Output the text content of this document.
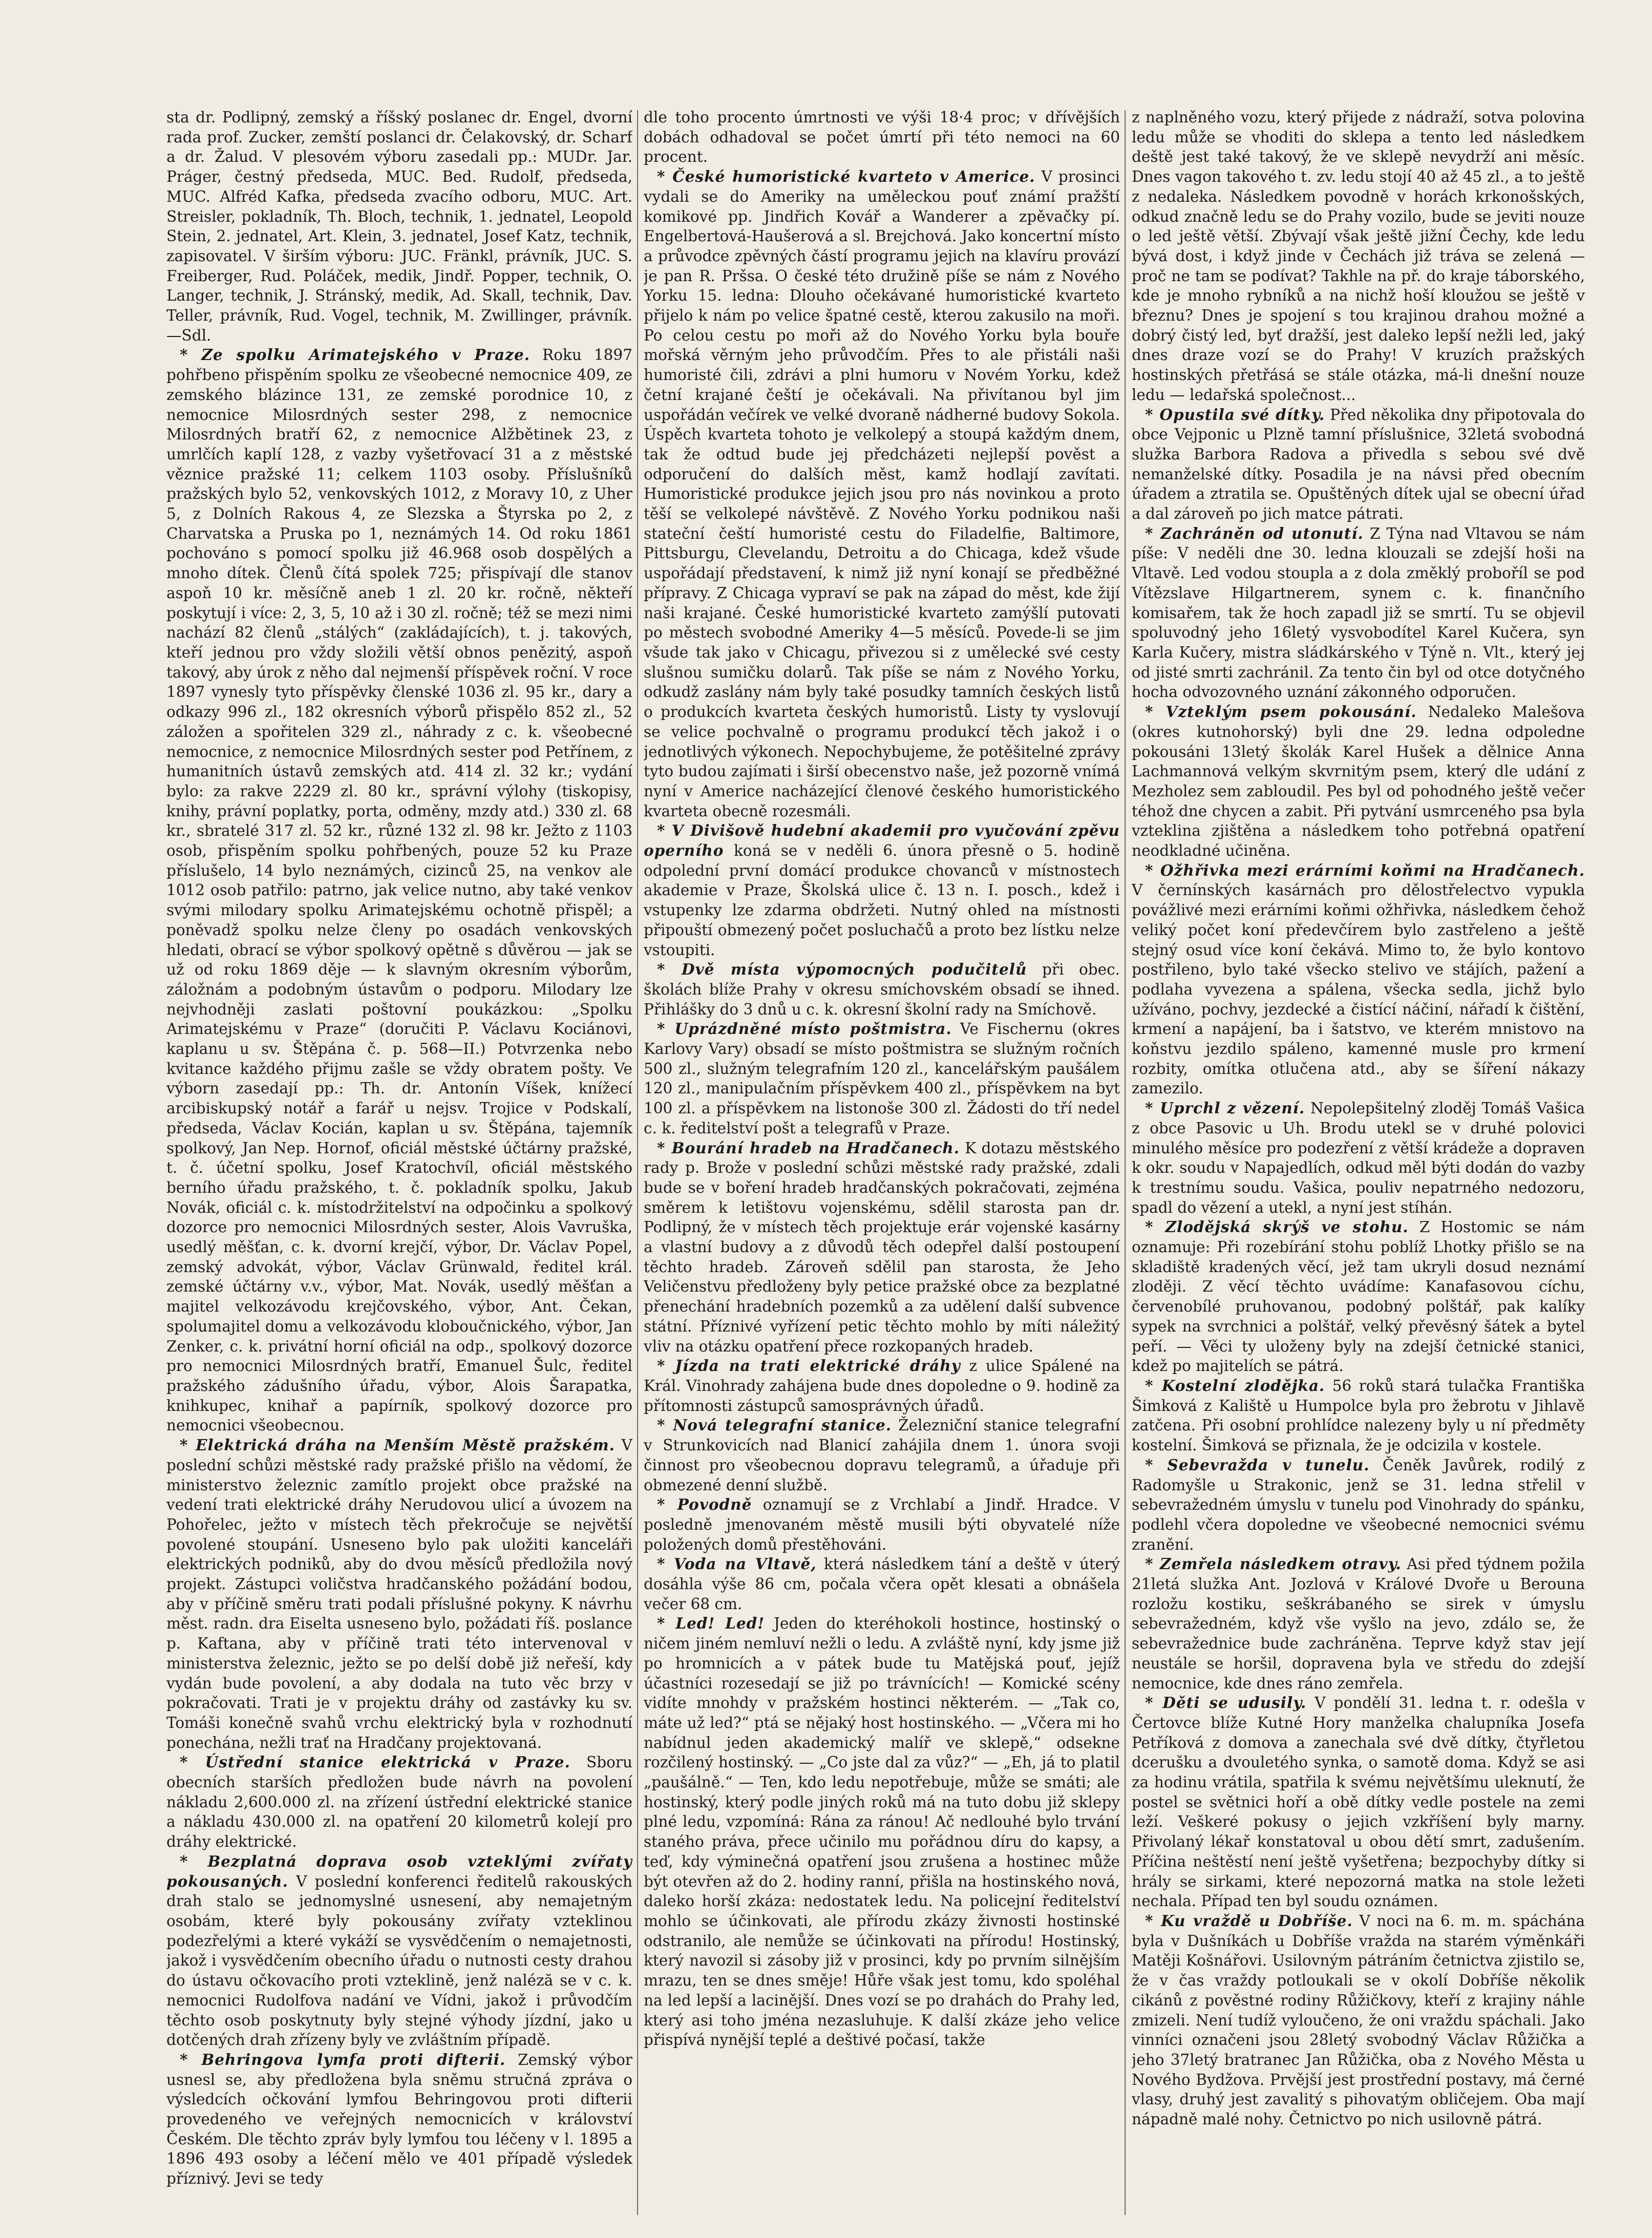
sta dr. Podlipný, zemský a říšský poslanec dr. Engel, dvorní rada prof. Zucker, zemští poslanci dr. Čelakovský, dr. Scharf a dr. Žalud. V plesovém výboru zasedali pp.: MUDr. Jar. Práger, čestný předseda, MUC. Bed. Rudolf, předseda, MUC. Alfréd Kafka, předseda zvacího odboru, MUC. Art. Streisler, pokladník, Th. Bloch, technik, 1. jednatel, Leopold Stein, 2. jednatel, Art. Klein, 3. jednatel, Josef Katz, technik, zapisovatel. V širším výboru: JUC. Fränkl, právník, JUC. S. Freiberger, Rud. Poláček, medik, Jindř. Popper, technik, O. Langer, technik, J. Stránský, medik, Ad. Skall, technik, Dav. Teller, právník, Rud. Vogel, technik, M. Zwillinger, právník. —Sdl.

* Ze spolku Arimatejského v Praze. Roku 1897 pohřbeno přispěním spolku ze všeobecné nemocnice 409, ze zemského blázince 131, ze zemské porodnice 10, z nemocnice Milosrdných sester 298, z nemocnice Milosrdných bratří 62, z nemocnice Alžbětinek 23, z umrlčích kaplí 128, z vazby vyšetřovací 31 a z městské věznice pražské 11; celkem 1103 osoby. Příslušníků pražských bylo 52, venkovských 1012, z Moravy 10, z Uher 5, z Dolních Rakous 4, ze Slezska a Štyrska po 2, z Charvatska a Pruska po 1, neznámých 14. Od roku 1861 pochováno s pomocí spolku již 46.968 osob dospělých a mnoho dítek. Členů čítá spolek 725; přispívají dle stanov aspoň 10 kr. měsíčně aneb 1 zl. 20 kr. ročně, někteří poskytují i více: 2, 3, 5, 10 až i 30 zl. ročně; též se mezi nimi nachází 82 členů „stálých“ (zakládajících), t. j. takových, kteří jednou pro vždy složili větší obnos penězitý, aspoň takový, aby úrok z něho dal nejmenší příspěvek roční. V roce 1897 vynesly tyto příspěvky členské 1036 zl. 95 kr., dary a odkazy 996 zl., 182 okresních výborů přispělo 852 zl., 52 záložen a spořitelen 329 zl., náhrady z c. k. všeobecné nemocnice, z nemocnice Milosrdných sester pod Petřínem, z humanitních ústavů zemských atd. 414 zl. 32 kr.; vydání bylo: za rakve 2229 zl. 80 kr., správní výlohy (tiskopisy, knihy, právní poplatky, porta, odměny, mzdy atd.) 330 zl. 68 kr., sbratelé 317 zl. 52 kr., různé 132 zl. 98 kr. Ježto z 1103 osob, přispěním spolku pohřbených, pouze 52 ku Praze příslušelo, 14 bylo neznámých, cizinců 25, na venkov ale 1012 osob patřilo: patrno, jak velice nutno, aby také venkov svými milodary spolku Arimatejskému ochotně přispěl; a poněvadž spolku nelze členy po osadách venkovských hledati, obrací se výbor spolkový opětně s důvěrou — jak se už od roku 1869 děje — k slavným okresním výborům, záložnám a podobným ústavům o podporu. Milodary lze nejvhodněji zaslati poštovní poukázkou: „Spolku Arimatejskému v Praze“ (doručiti P. Václavu Kociánovi, kaplanu u sv. Štěpána č. p. 568—II.) Potvrzenka nebo kvitance každého přijmu zašle se vždy obratem pošty. Ve výborn zasedají pp.: Th. dr. Antonín Víšek, knížecí arcibiskupský notář a farář u nejsv. Trojice v Podskalí, předseda, Václav Kocián, kaplan u sv. Štěpána, tajemník spolkový, Jan Nep. Hornof, oficiál městské účtárny pražské, t. č. účetní spolku, Josef Kratochvíl, oficiál městského berního úřadu pražského, t. č. pokladník spolku, Jakub Novák, oficiál c. k. místodržitelství na odpočinku a spolkový dozorce pro nemocnici Milosrdných sester, Alois Vavruška, usedlý měšťan, c. k. dvorní krejčí, výbor, Dr. Václav Popel, zemský advokát, výbor, Václav Grünwald, ředitel král. zemské účtárny v.v., výbor, Mat. Novák, usedlý měšťan a majitel velkozávodu krejčovského, výbor, Ant. Čekan, spolumajitel domu a velkozávodu kloboučnického, výbor, Jan Zenker, c. k. privátní horní oficiál na odp., spolkový dozorce pro nemocnici Milosrdných bratří, Emanuel Šulc, ředitel pražského zádušního úřadu, výbor, Alois Šarapatka, knihkupec, knihař a papírník, spolkový dozorce pro nemocnici všeobecnou.

* Elektrická dráha na Menším Městě pražském. V poslední schůzi městské rady pražské přišlo na vědomí, že ministerstvo železnic zamítlo projekt obce pražské na vedení trati elektrické dráhy Nerudovou ulicí a úvozem na Pohořelec, ježto v místech těch překročuje se největší povolené stoupání. Usneseno bylo pak uložiti kanceláři elektrických podniků, aby do dvou měsíců předložila nový projekt. Zástupci voličstva hradčanského požádání bodou, aby v příčině směru trati podali příslušné pokyny. K návrhu měst. radn. dra Eiselta usneseno bylo, požádati říš. poslance p. Kaftana, aby v příčině trati této intervenoval v ministerstva železnic, ježto se po delší době již neřeší, kdy vydán bude povolení, a aby dodala na tuto věc brzy v pokračovati. Trati je v projektu dráhy od zastávky ku sv. Tomáši konečně svahů vrchu elektrický byla v rozhodnutí ponechána, nežli trať na Hradčany projektovaná.

* Ústřední stanice elektrická v Praze. Sboru obecních starších předložen bude návrh na povolení nákladu 2,600.000 zl. na zřízení ústřední elektrické stanice a nákladu 430.000 zl. na opatření 20 kilometrů kolejí pro dráhy elektrické.

* Bezplatná doprava osob vzteklými zvířaty pokousaných. V poslední konferenci ředitelů rakouských drah stalo se jednomyslné usnesení, aby nemajetným osobám, které byly pokousány zvířaty vzteklinou podezřelými a které vykáží se vysvědčením o nemajetnosti, jakož i vysvědčením obecního úřadu o nutnosti cesty drahou do ústavu očkovacího proti vzteklině, jenž naléză se v c. k. nemocnici Rudolfova nadání ve Vídni, jakož i průvodčím těchto osob poskytnuty byly stejné výhody jízdní, jako u dotčených drah zřízeny byly ve zvláštním případě.

* Behringova lymfa proti difterii. Zemský výbor usnesl se, aby předložena byla sněmu stručná zpráva o výsledcích očkování lymfou Behringovou proti difterii provedeného ve veřejných nemocnicích v království Českém. Dle těchto zpráv byly lymfou tou léčeny v l. 1895 a 1896 493 osoby a léčení mělo ve 401 případě výsledek příznivý. Jevi se tedy

dle toho procento úmrtnosti ve výši 18·4 proc; v dřívějších dobách odhadoval se počet úmrtí při této nemoci na 60 procent.

* České humoristické kvarteto v Americe. V prosinci vydali se do Ameriky na uměleckou pouť známí pražští komikové pp. Jindřich Kovář a Wanderer a zpěvačky pí. Engelbertová-Haušerová a sl. Brejchová. Jako koncertní místo a průvodce zpěvných částí programu jejich na klavíru provází je pan R. Pršsa. O české této družině píše se nám z Nového Yorku 15. ledna: Dlouho očekávané humoristické kvarteto přijelo k nám po velice špatné cestě, kterou zakusilo na moři. Po celou cestu po moři až do Nového Yorku byla bouře mořská věrným jeho průvodčím. Přes to ale přistáli naši humoristé čili, zdrávi a plni humoru v Novém Yorku, kdež četní krajané čeští je očekávali. Na přivítanou byl jim uspořádán večírek ve velké dvoraně nádherné budovy Sokola. Úspěch kvarteta tohoto je velkolepý a stoupá každým dnem, tak že odtud bude jej předcházeti nejlepší pověst a odporučení do dalších měst, kamž hodlají zavítati. Humoristické produkce jejich jsou pro nás novinkou a proto těší se velkolepé návštěvě. Z Nového Yorku podnikou naši stateční čeští humoristé cestu do Filadelfie, Baltimore, Pittsburgu, Clevelandu, Detroitu a do Chicaga, kdež všude uspořádají představení, k nimž již nyní konají se předběžné přípravy. Z Chicaga vypraví se pak na západ do měst, kde žijí naši krajané. České humoristické kvarteto zamýšlí putovati po městech svobodné Ameriky 4—5 měsíců. Povede-li se jim všude tak jako v Chicagu, přivezou si z umělecké své cesty slušnou sumičku dolarů. Tak píše se nám z Nového Yorku, odkudž zaslány nám byly také posudky tamních českých listů o produkcích kvarteta českých humoristů. Listy ty vyslovují se velice pochvalně o programu produkcí těch jakož i o jednotlivých výkonech. Nepochybujeme, že potěšitelné zprávy tyto budou zajímati i širší obecenstvo naše, jež pozorně vnímá nyní v Americe nacházející členové českého humoristického kvarteta obecně rozesmáli.

* V Divišově hudební akademii pro vyučování zpěvu operního koná se v neděli 6. února přesně o 5. hodině odpolední první domácí produkce chovanců v místnostech akademie v Praze, Školská ulice č. 13 n. I. posch., kdež i vstupenky lze zdarma obdržeti. Nutný ohled na místnosti připouští obmezený počet posluchačů a proto bez lístku nelze vstoupiti.

* Dvě místa výpomocných podučitelů při obec. školách blíže Prahy v okresu smíchovském obsadí se ihned. Přihlášky do 3 dnů u c. k. okresní školní rady na Smíchově.

* Uprázdněné místo poštmistra. Ve Fischernu (okres Karlovy Vary) obsadí se místo poštmistra se služným ročních 500 zl., služným telegrafním 120 zl., kancelářským paušálem 120 zl., manipulačním příspěvkem 400 zl., příspěvkem na byt 100 zl. a příspěvkem na listonoše 300 zl. Žádosti do tří nedel c. k. ředitelství pošt a telegrafů v Praze.

* Bourání hradeb na Hradčanech. K dotazu městského rady p. Brože v poslední schůzi městské rady pražské, zdali bude se v boření hradeb hradčanských pokračovati, zejména směrem k letištovu vojenskému, sdělil starosta pan dr. Podlipný, že v místech těch projektuje erár vojenské kasárny a vlastní budovy a z důvodů těch odepřel další postoupení těchto hradeb. Zároveň sdělil pan starosta, že Jeho Veličenstvu předloženy byly petice pražské obce za bezplatné přenechání hradebních pozemků a za udělení další subvence státní. Příznivé vyřízení petic těchto mohlo by míti náležitý vliv na otázku opatření přece rozkopaných hradeb.

* Jízda na trati elektrické dráhy z ulice Spálené na Král. Vinohrady zahájena bude dnes dopoledne o 9. hodině za přítomnosti zástupců samosprávných úřadů.

* Nová telegrafní stanice. Železniční stanice telegrafní v Strunkovicích nad Blanicí zahájila dnem 1. února svoji činnost pro všeobecnou dopravu telegramů, a úřaduje při obmezené denní službě.

* Povodně oznamují se z Vrchlabí a Jindř. Hradce. V posledně jmenovaném městě musili býti obyvatelé níže položených domů přestěhováni.

* Voda na Vltavě, která následkem tání a deště v úterý dosáhla výše 86 cm, počala včera opět klesati a obnášela večer 68 cm.

* Led! Led! Jeden do kteréhokoli hostince, hostinský o ničem jiném nemluví nežli o ledu. A zvláště nyní, kdy jsme již po hromnicích a v pátek bude tu Matějská pouť, jejíž účastníci rozesedají se již po trávnících! — Komické scény vidíte mnohdy v pražském hostinci některém. — „Tak co, máte už led?“ ptá se nějaký host hostinského. — „Včera mi ho nabídnul jeden akademický malíř ve sklepě,“ odsekne rozčilený hostinský. — „Co jste dal za vůz?“ — „Eh, já to platil „paušálně.“ — Ten, kdo ledu nepotřebuje, může se smáti; ale hostinský, který podle jiných roků má na tuto dobu již sklepy plné ledu, vzpomíná: Rána za ránou! Ač nedlouhé bylo trvání staného práva, přece učinilo mu pořádnou díru do kapsy, a teď, kdy výminečná opatření jsou zrušena a hostinec může být otevřen až do 2. hodiny ranní, přišla na hostinského nová, daleko horší zkáza: nedostatek ledu. Na policejní ředitelství mohlo se účinkovati, ale přírodu zkázy živnosti hostinské odstranilo, ale nemůže se účinkovati na přírodu! Hostinský, který navozil si zásoby již v prosinci, kdy po prvním silnějším mrazu, ten se dnes směje! Hůře však jest tomu, kdo spoléhal na led lepší a lacinější. Dnes vozí se po drahách do Prahy led, který asi toho jména nezasluhuje. K další zkáze jeho velice přispívá nynější teplé a deštivé počasí, takže

z naplněného vozu, který přijede z nádraží, sotva polovina ledu může se vhoditi do sklepa a tento led následkem deště jest také takový, že ve sklepě nevydrží ani měsíc. Dnes vagon takového t. zv. ledu stojí 40 až 45 zl., a to ještě z nedaleka. Následkem povodně v horách krkonošských, odkud značně ledu se do Prahy vozilo, bude se jeviti nouze o led ještě větší. Zbývají však ještě jižní Čechy, kde ledu bývá dost, i když jinde v Čechách již tráva se zelená — proč ne tam se podívat? Takhle na př. do kraje táborského, kde je mnoho rybníků a na nichž hoší kloužou se ještě v březnu? Dnes je spojení s tou krajinou drahou možné a dobrý čistý led, byť dražší, jest daleko lepší nežli led, jaký dnes draze vozí se do Prahy! V kruzích pražských hostinských přetřásá se stále otázka, má-li dnešní nouze ledu — ledařská společnost...

* Opustila své dítky. Před několika dny připotovala do obce Vejponic u Plzně tamní příslušnice, 32letá svobodná služka Barbora Radova a přivedla s sebou své dvě nemanželské dítky. Posadila je na návsi před obecním úřadem a ztratila se. Opuštěných dítek ujal se obecní úřad a dal zároveň po jich matce pátrati.

* Zachráněn od utonutí. Z Týna nad Vltavou se nám píše: V neděli dne 30. ledna klouzali se zdejší hoši na Vltavě. Led vodou stoupla a z dola změklý proboříl se pod Vítězslave Hilgartnerem, synem c. k. finančního komisařem, tak že hoch zapadl již se smrtí. Tu se objevil spoluvodný jeho 16letý vysvobodítel Karel Kučera, syn Karla Kučery, mistra sládkárského v Týně n. Vlt., který jej od jisté smrti zachránil. Za tento čin byl od otce dotyčného hocha odvozovného uznání zákonného odporučen.

* Vzteklým psem pokousání. Nedaleko Malešova (okres kutnohorský) byli dne 29. ledna odpoledne pokousáni 13letý školák Karel Hušek a dělnice Anna Lachmannová velkým skvrnitým psem, který dle udání z Mezholez sem zabloudil. Pes byl od pohodného ještě večer téhož dne chycen a zabit. Při pytvání usmrceného psa byla vzteklina zjištěna a následkem toho potřebná opatření neodkladné učiněna.

* Ožhřivka mezi erárními koňmi na Hradčanech. V černínských kasárnách pro dělostřelectvo vypukla povážlivé mezi erárními koňmi ožhřivka, následkem čehož veliký počet koní předevčírem bylo zastřeleno a ještě stejný osud více koní čekává. Mimo to, že bylo kontovo postřileno, bylo také všecko stelivo ve stájích, pažení a podlaha vyvezena a spálena, všecka sedla, jichž bylo užíváno, pochvy, jezdecké a čistící náčiní, nářadí k čištění, krmení a napájení, ba i šatstvo, ve kterém mnistovo na koňstvu jezdilo spáleno, kamenné musle pro krmení rozbity, omítka otlučena atd., aby se šíření nákazy zamezilo.

* Uprchl z vězení. Nepolepšitelný zloděj Tomáš Vašica z obce Pasovic u Uh. Brodu utekl se v druhé polovici minulého měsíce pro podezření z větší krádeže a dopraven k okr. soudu v Napajedlích, odkud měl býti dodán do vazby k trestnímu soudu. Vašica, pouliv nepatrného nedozoru, spadl do vězení a utekl, a nyní jest stíhán.

* Zlodějská skrýš ve stohu. Z Hostomic se nám oznamuje: Při rozebírání stohu poblíž Lhotky přišlo se na skladiště kradených věcí, jež tam ukryli dosud neznámí zloději. Z věcí těchto uvádíme: Kanafasovou cíchu, červenobílé pruhovanou, podobný polštář, pak kalíky sypek na svrchnici a polštář, velký převěsný šátek a bytel peří. — Věci ty uloženy byly na zdejší četnické stanici, kdež po majitelích se pátrá.

* Kostelní zlodějka. 56 roků stará tulačka Františka Šimková z Kaliště u Humpolce byla pro žebrotu v Jihlavě zatčena. Při osobní prohlídce nalezeny byly u ní předměty kostelní. Šimková se přiznala, že je odcizila v kostele.

* Sebevražda v tunelu. Čeněk Javůrek, rodilý z Radomyšle u Strakonic, jenž se 31. ledna střelil v sebevražedném úmyslu v tunelu pod Vinohrady do spánku, podlehl včera dopoledne ve všeobecné nemocnici svému zranění.

* Zemřela následkem otravy. Asi před týdnem požila 21letá služka Ant. Jozlová v Králové Dvoře u Berouna rozložu kostiku, seškrábaného se sirek v úmyslu sebevražedném, když vše vyšlo na jevo, zdálo se, že sebevražednice bude zachráněna. Teprve když stav její neustále se horšil, dopravena byla ve středu do zdejší nemocnice, kde dnes ráno zemřela.

* Děti se udusily. V pondělí 31. ledna t. r. odešla v Čertovce blíže Kutné Hory manželka chalupníka Josefa Petříková z domova a zanechala své dvě dítky, čtyřletou dcerušku a dvouletého synka, o samotě doma. Když se asi za hodinu vrátila, spatřila k svému největšímu uleknutí, že postel se světnici hoří a obě dítky vedle postele na zemi leží. Veškeré pokusy o jejich vzkříšení byly marny. Přivolaný lékař konstatoval u obou dětí smrt, zadušením. Příčina neštěstí není ještě vyšetřena; bezpochyby dítky si hrály se sirkami, které nepozorná matka na stole ležeti nechala. Případ ten byl soudu oznámen.

* Ku vraždě u Dobříše. V noci na 6. m. m. spáchána byla v Dušníkách u Dobříše vražda na starém výměnkáři Matěji Košnářovi. Usilovným pátráním četnictva zjistilo se, že v čas vraždy potloukali se v okolí Dobříše několik cikánů z pověstné rodiny Růžičkovy, kteří z krajiny náhle zmizeli. Není tudíž vyloučeno, že oni vraždu spáchali. Jako vinníci označeni jsou 28letý svobodný Václav Růžička a jeho 37letý bratranec Jan Růžička, oba z Nového Města u Nového Bydžova. Prvější jest prostřední postavy, má černé vlasy, druhý jest zavalitý s pihovatým obličejem. Oba mají nápadně malé nohy. Četnictvo po nich usilovně pátrá.
